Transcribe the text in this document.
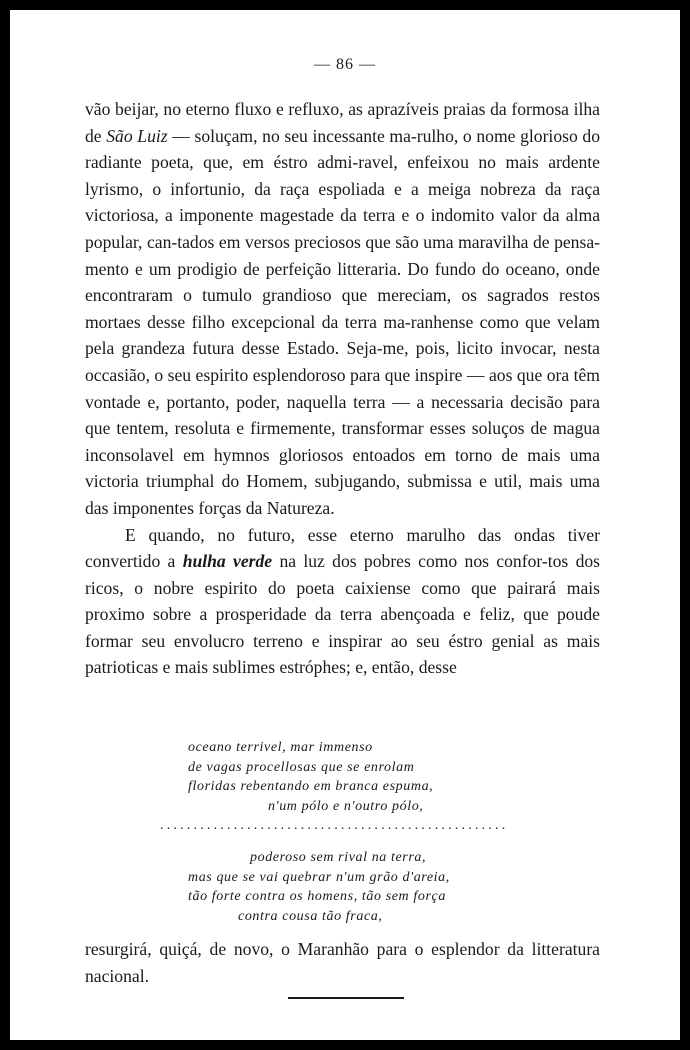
— 86 —

vão beijar, no eterno fluxo e refluxo, as aprazíveis praias da formosa ilha de São Luiz — soluçam, no seu incessante ma-rulho, o nome glorioso do radiante poeta, que, em éstro admi-ravel, enfeixou no mais ardente lyrismo, o infortunio, da raça espoliada e a meiga nobreza da raça victoriosa, a imponente magestade da terra e o indomito valor da alma popular, can-tados em versos preciosos que são uma maravilha de pensa-mento e um prodigio de perfeição litteraria. Do fundo do oceano, onde encontraram o tumulo grandioso que mereciam, os sagrados restos mortaes desse filho excepcional da terra ma-ranhense como que velam pela grandeza futura desse Estado. Seja-me, pois, licito invocar, nesta occasião, o seu espirito esplendoroso para que inspire — aos que ora têm vontade e, portanto, poder, naquella terra — a necessaria decisão para que tentem, resoluta e firmemente, transformar esses soluços de magua inconsolavel em hymnos gloriosos entoados em torno de mais uma victoria triumphal do Homem, subjugando, submissa e util, mais uma das imponentes forças da Natureza.

E quando, no futuro, esse eterno marulho das ondas tiver convertido a hulha verde na luz dos pobres como nos confor-tos dos ricos, o nobre espirito do poeta caixiense como que pairará mais proximo sobre a prosperidade da terra abençoada e feliz, que poude formar seu envolucro terreno e inspirar ao seu éstro genial as mais patrioticas e mais sublimes estróphes; e, então, desse

oceano terrivel, mar immenso
de vagas procellosas que se enrolam
floridas rebentando em branca espuma,
n'um pólo e n'outro pólo,
....................................................
poderoso sem rival na terra,
mas que se vai quebrar n'um grão d'areia,
tão forte contra os homens, tão sem força
contra cousa tão fraca,

resurgirá, quiçá, de novo, o Maranhão para o esplendor da litteratura nacional.
